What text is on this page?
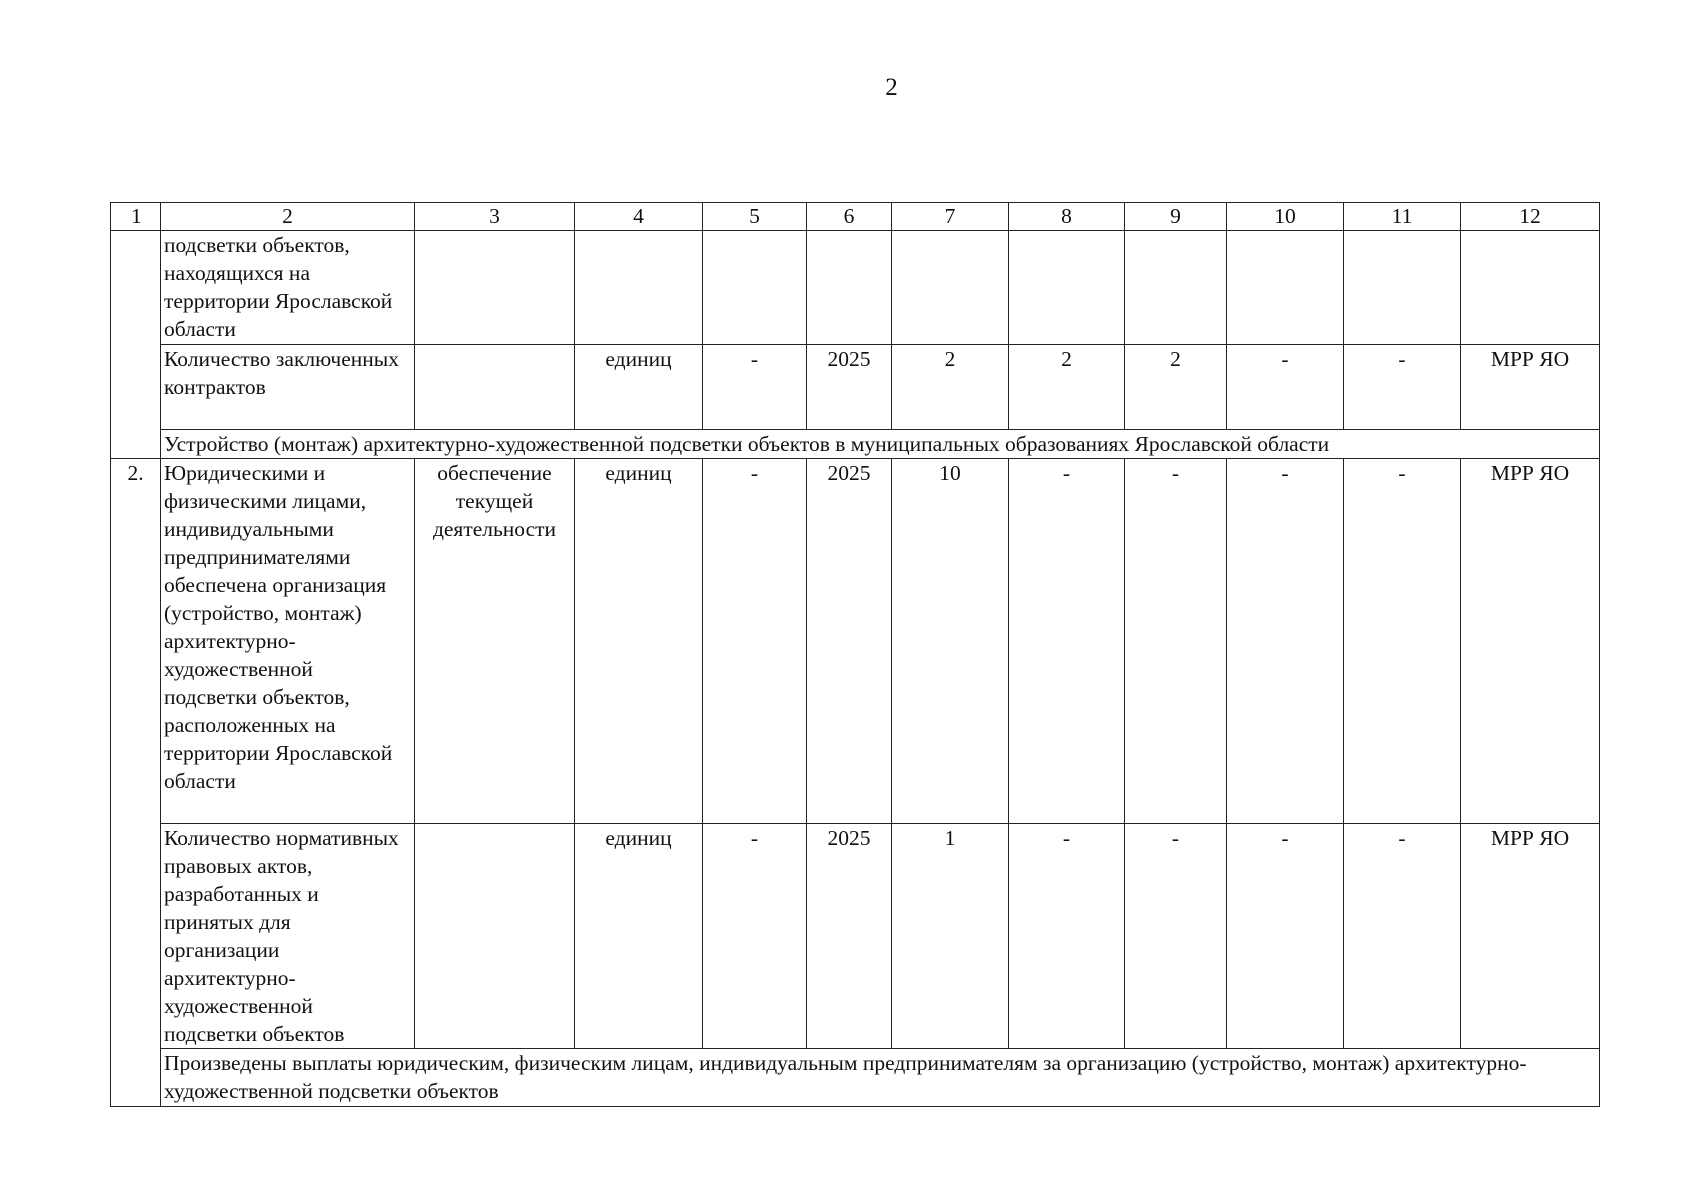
2
1	2	3	4	5	6	7	8	9	10	11	12
	подсветки объектов, находящихся на территории Ярославской области										
	Количество заключенных контрактов		единиц	-	2025	2	2	2	-	-	МРР ЯО
	Устройство (монтаж) архитектурно-художественной подсветки объектов в муниципальных образованиях Ярославской области										
2.	Юридическими и физическими лицами, индивидуальными предпринимателями обеспечена организация (устройство, монтаж) архитектурно-художественной подсветки объектов, расположенных на территории Ярославской области	обеспечение текущей деятельности	единиц	-	2025	10	-	-	-	-	МРР ЯО
	Количество нормативных правовых актов, разработанных и принятых для организации архитектурно-художественной подсветки объектов		единиц	-	2025	1	-	-	-	-	МРР ЯО
	Произведены выплаты юридическим, физическим лицам, индивидуальным предпринимателям за организацию (устройство, монтаж) архитектурно-художественной подсветки объектов										
